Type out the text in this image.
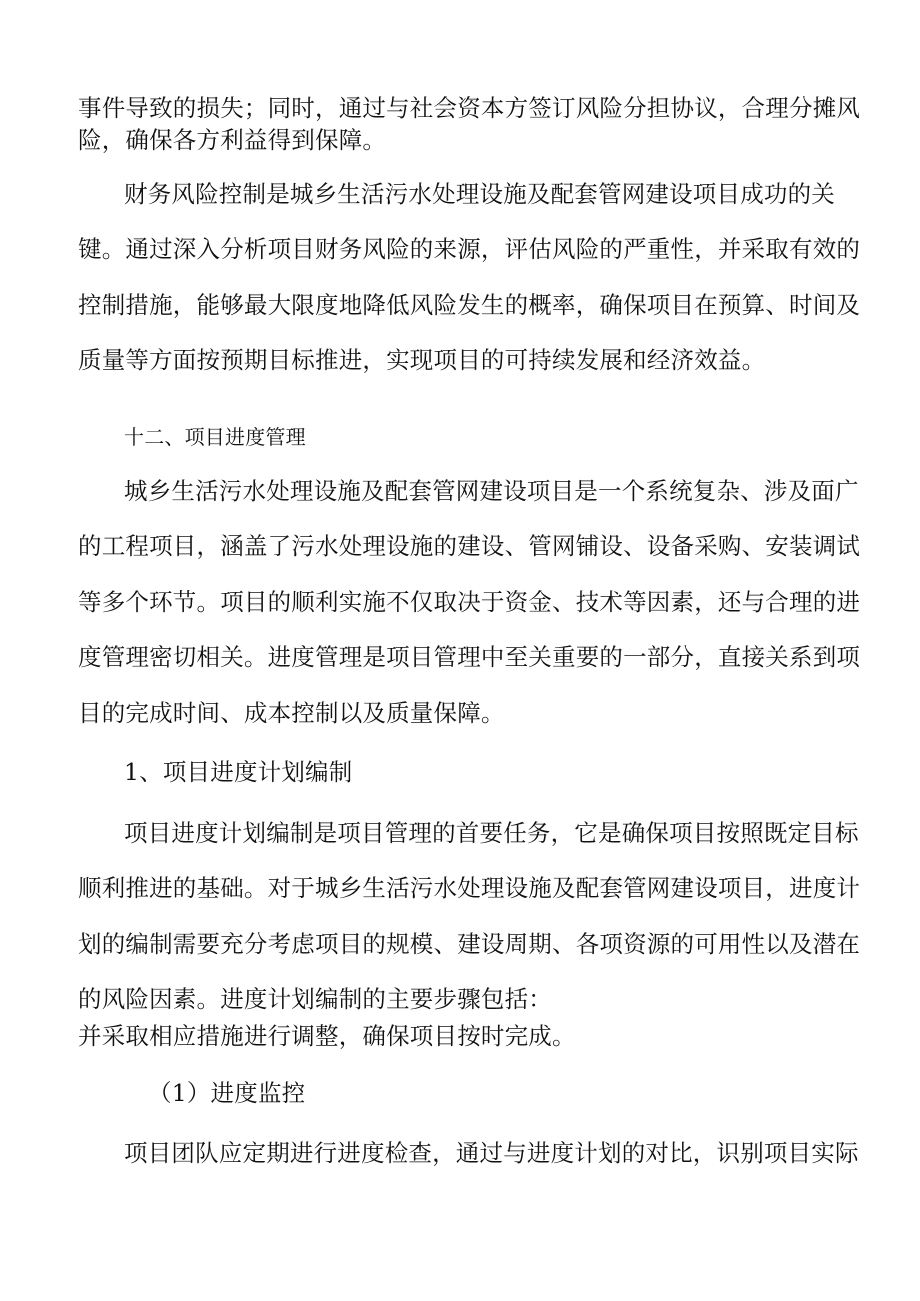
事件导致的损失；同时，通过与社会资本方签订风险分担协议，合理分摊风
险，确保各方利益得到保障。
财务风险控制是城乡生活污水处理设施及配套管网建设项目成功的关
键。通过深入分析项目财务风险的来源，评估风险的严重性，并采取有效的
控制措施，能够最大限度地降低风险发生的概率，确保项目在预算、时间及
质量等方面按预期目标推进，实现项目的可持续发展和经济效益。
十二、项目进度管理
城乡生活污水处理设施及配套管网建设项目是一个系统复杂、涉及面广
的工程项目，涵盖了污水处理设施的建设、管网铺设、设备采购、安装调试
等多个环节。项目的顺利实施不仅取决于资金、技术等因素，还与合理的进
度管理密切相关。进度管理是项目管理中至关重要的一部分，直接关系到项
目的完成时间、成本控制以及质量保障。
1、项目进度计划编制
项目进度计划编制是项目管理的首要任务，它是确保项目按照既定目标
顺利推进的基础。对于城乡生活污水处理设施及配套管网建设项目，进度计
划的编制需要充分考虑项目的规模、建设周期、各项资源的可用性以及潜在
的风险因素。进度计划编制的主要步骤包括：
并采取相应措施进行调整，确保项目按时完成。
（1）进度监控
项目团队应定期进行进度检查，通过与进度计划的对比，识别项目实际
